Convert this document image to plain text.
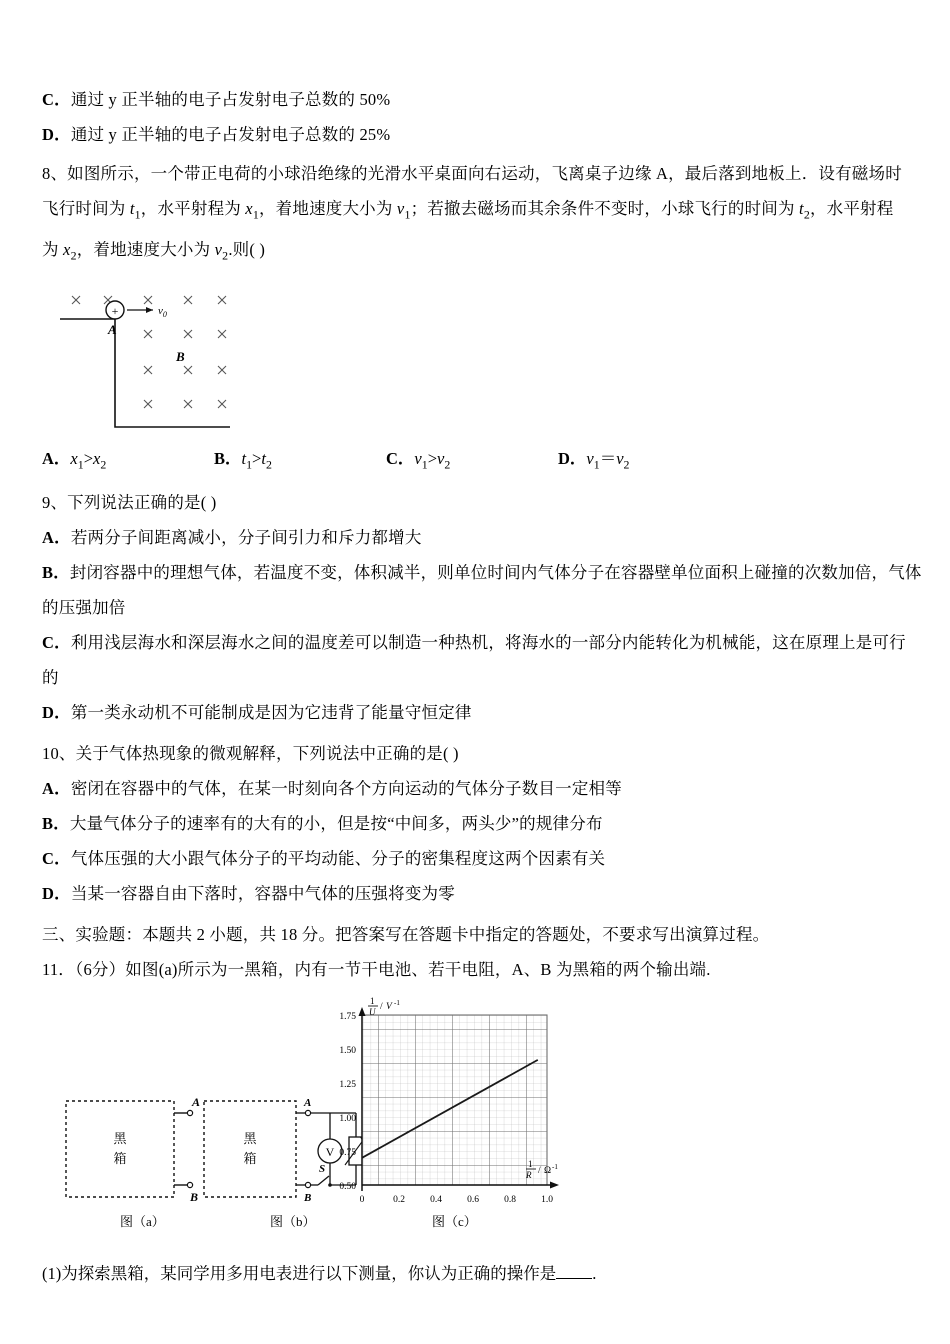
C．通过 y 正半轴的电子占发射电子总数的 50%
D．通过 y 正半轴的电子占发射电子总数的 25%
8、如图所示，一个带正电荷的小球沿绝缘的光滑水平桌面向右运动，飞离桌子边缘 A，最后落到地板上．设有磁场时
飞行时间为 $t_1$，水平射程为 $x_1$，着地速度大小为 $v_1$；若撤去磁场而其余条件不变时，小球飞行的时间为 $t_2$，水平射程
为 $x_2$，着地速度大小为 $v_2$.则( )
+	$v_0$
A
B
A．$x_1>x_2$	B．$t_1>t_2$	C．$v_1>v_2$	D．$v_1=v_2$
9、下列说法正确的是( )
A．若两分子间距离减小，分子间引力和斥力都增大
B．封闭容器中的理想气体，若温度不变，体积减半，则单位时间内气体分子在容器壁单位面积上碰撞的次数加倍，气体的压强加倍
C．利用浅层海水和深层海水之间的温度差可以制造一种热机，将海水的一部分内能转化为机械能，这在原理上是可行的
D．第一类永动机不可能制成是因为它违背了能量守恒定律
10、关于气体热现象的微观解释，下列说法中正确的是( )
A．密闭在容器中的气体，在某一时刻向各个方向运动的气体分子数目一定相等
B．大量气体分子的速率有的大有的小，但是按“中间多，两头少”的规律分布
C．气体压强的大小跟气体分子的平均动能、分子的密集程度这两个因素有关
D．当某一容器自由下落时，容器中气体的压强将变为零
三、实验题：本题共 2 小题，共 18 分。把答案写在答题卡中指定的答题处，不要求写出演算过程。
11．（6分）如图(a)所示为一黑箱，内有一节干电池、若干电阻，A、B 为黑箱的两个输出端.
A
B
黑
箱
图（a）
黑
箱
A
B
V
S
图（b）
1.75
1.50
1.25
1.00
0.75
0.50
0	0.2	0.4	0.6	0.8	1.0
1
U / V -1
1
R / Ω -1
图（c）
(1)为探索黑箱，某同学用多用电表进行以下测量，你认为正确的操作是 .
